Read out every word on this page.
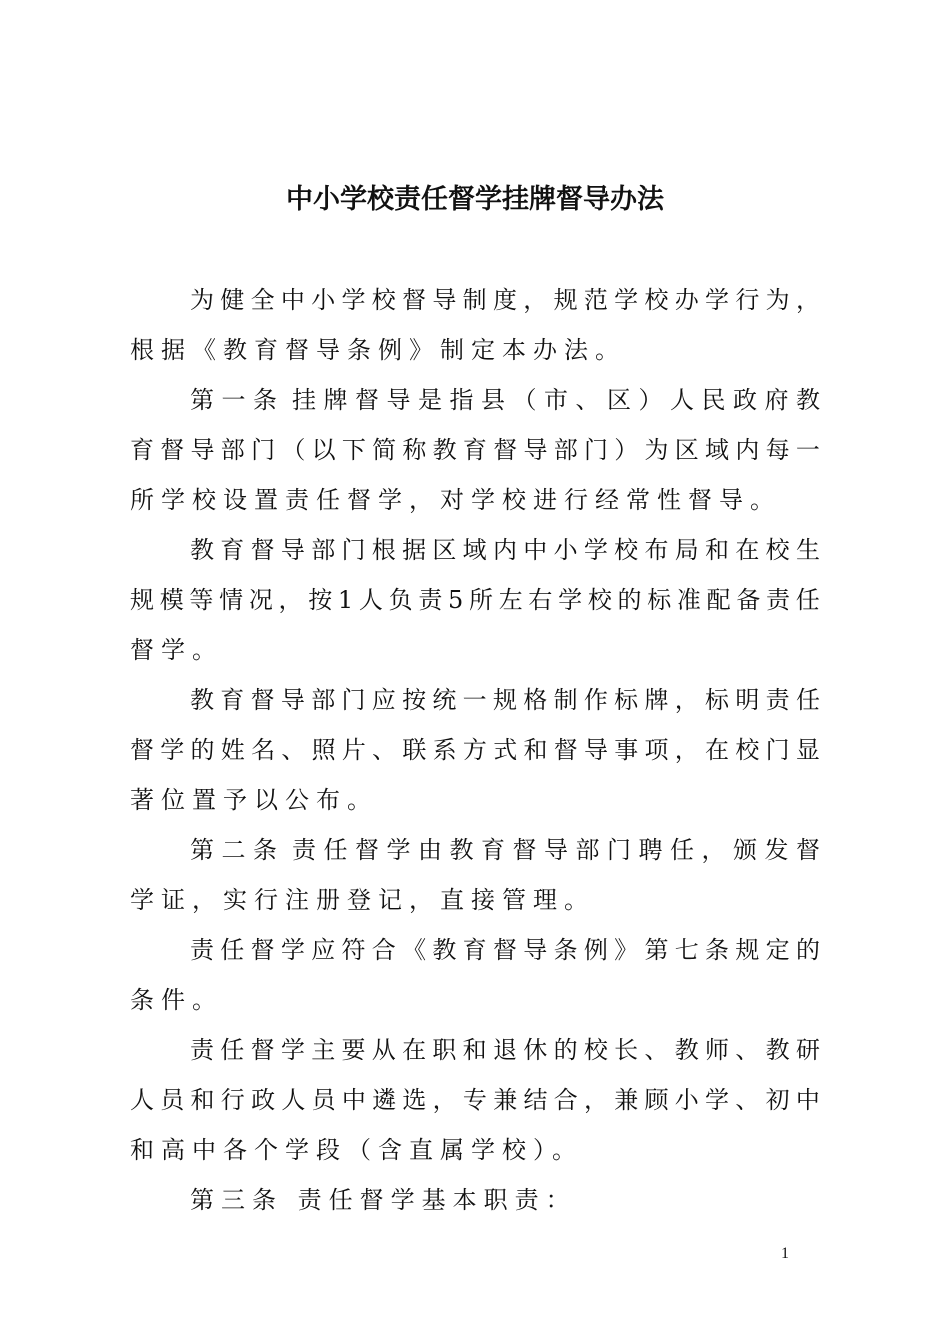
中小学校责任督学挂牌督导办法
为 健 全 中 小 学 校 督 导 制 度 ， 规 范 学 校 办 学 行 为 ，
根据《教育督导条例》制定本办法。
第 一 条 挂 牌 督 导 是 指 县 （ 市 、 区 ） 人 民 政 府 教
育 督 导 部 门 （ 以 下 简 称 教 育 督 导 部 门 ） 为 区 域 内 每 一
所学校设置责任督学，对学校进行经常性督导。
教 育 督 导 部 门 根 据 区 域 内 中 小 学 校 布 局 和 在 校 生
规 模 等 情 况 ， 按 1 人 负 责 5 所 左 右 学 校 的 标 准 配 备 责 任
督学。
教 育 督 导 部 门 应 按 统 一 规 格 制 作 标 牌 ， 标 明 责 任
督 学 的 姓 名 、 照 片 、 联 系 方 式 和 督 导 事 项 ， 在 校 门 显
著位置予以公布。
第 二 条 责 任 督 学 由 教 育 督 导 部 门 聘 任 ， 颁 发 督
学证，实行注册登记，直接管理。
责 任 督 学 应 符 合 《 教 育 督 导 条 例 》 第 七 条 规 定 的
条件。
责 任 督 学 主 要 从 在 职 和 退 休 的 校 长 、 教 师 、 教 研
人 员 和 行 政 人 员 中 遴 选 ， 专 兼 结 合 ， 兼 顾 小 学 、 初 中
和高中各个学段（含直属学校）。
第三条 责任督学基本职责：
1
